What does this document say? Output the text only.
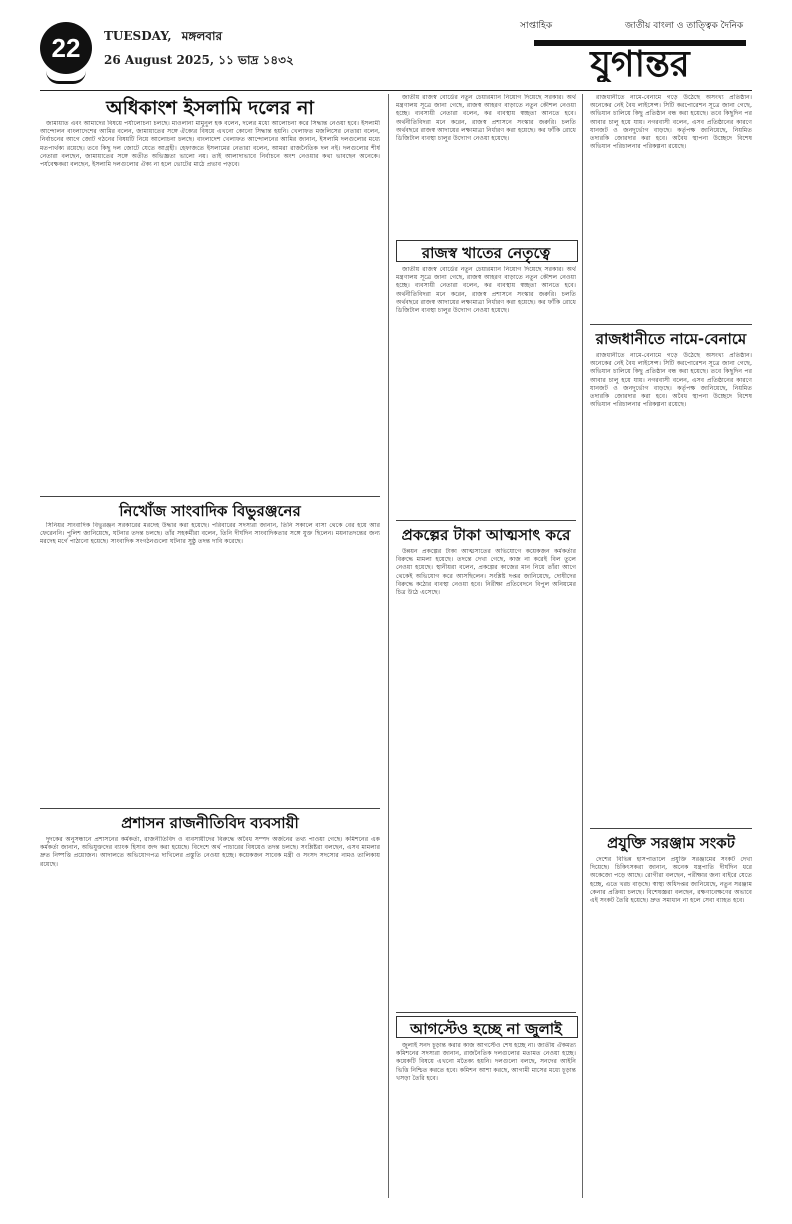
22	TUESDAY, মঙ্গলবার
26 August 2025, ১১ ভাদ্র ১৪৩২
সাপ্তাহিক	জাতীয় বাংলা ও তাত্ত্বিক দৈনিক
যুগান্তর
অধিকাংশ ইসলামি দলের না

জামায়াত এবং আমাদের বিষয়ে পর্যালোচনা চলছে। মাওলানা মামুনুল হক বলেন, দলের মধ্যে আলোচনা করে সিদ্ধান্ত নেওয়া হবে। ইসলামী আন্দোলন বাংলাদেশের আমির বলেন, জামায়াতের সঙ্গে ঐক্যের বিষয়ে এখনো কোনো সিদ্ধান্ত হয়নি। খেলাফত মজলিসের নেতারা বলেন, নির্বাচনের আগে জোট গঠনের বিষয়টি নিয়ে আলোচনা চলছে। বাংলাদেশ খেলাফত আন্দোলনের আমির জানান, ইসলামি দলগুলোর মধ্যে মতপার্থক্য রয়েছে। তবে কিছু দল জোটে যেতে আগ্রহী। হেফাজতে ইসলামের নেতারা বলেন, আমরা রাজনৈতিক দল নই। দলগুলোর শীর্ষ নেতারা বলছেন, জামায়াতের সঙ্গে অতীত অভিজ্ঞতা ভালো নয়। তাই আলাদাভাবে নির্বাচনে অংশ নেওয়ার কথা ভাবছেন অনেকে। পর্যবেক্ষকরা বলছেন, ইসলামি দলগুলোর ঐক্য না হলে ভোটের মাঠে প্রভাব পড়বে।

নিখোঁজ সাংবাদিক বিভুরঞ্জনের

সিনিয়র সাংবাদিক বিভুরঞ্জন সরকারের মরদেহ উদ্ধার করা হয়েছে। পরিবারের সদস্যরা জানান, তিনি সকালে বাসা থেকে বের হয়ে আর ফেরেননি। পুলিশ জানিয়েছে, ঘটনার তদন্ত চলছে। তাঁর সহকর্মীরা বলেন, তিনি দীর্ঘদিন সাংবাদিকতার সঙ্গে যুক্ত ছিলেন। ময়নাতদন্তের জন্য মরদেহ মর্গে পাঠানো হয়েছে। সাংবাদিক সংগঠনগুলো ঘটনার সুষ্ঠু তদন্ত দাবি করেছে।

প্রশাসন রাজনীতিবিদ ব্যবসায়ী

দুদকের অনুসন্ধানে প্রশাসনের কর্মকর্তা, রাজনীতিবিদ ও ব্যবসায়ীদের বিরুদ্ধে অবৈধ সম্পদ অর্জনের তথ্য পাওয়া গেছে। কমিশনের এক কর্মকর্তা জানান, অভিযুক্তদের ব্যাংক হিসাব জব্দ করা হয়েছে। বিদেশে অর্থ পাচারের বিষয়েও তদন্ত চলছে। সংশ্লিষ্টরা বলছেন, এসব মামলার দ্রুত নিষ্পত্তি প্রয়োজন। আদালতে অভিযোগপত্র দাখিলের প্রস্তুতি নেওয়া হচ্ছে। কয়েকজন সাবেক মন্ত্রী ও সংসদ সদস্যের নামও তালিকায় রয়েছে।

জাতীয় রাজস্ব বোর্ডের নতুন চেয়ারম্যান নিয়োগ দিয়েছে সরকার। অর্থ মন্ত্রণালয় সূত্রে জানা গেছে, রাজস্ব আহরণ বাড়াতে নতুন কৌশল নেওয়া হচ্ছে। ব্যবসায়ী নেতারা বলেন, কর ব্যবস্থায় স্বচ্ছতা আনতে হবে। অর্থনীতিবিদরা মনে করেন, রাজস্ব প্রশাসনে সংস্কার জরুরি। চলতি অর্থবছরে রাজস্ব আদায়ের লক্ষ্যমাত্রা নির্ধারণ করা হয়েছে। কর ফাঁকি রোধে ডিজিটাল ব্যবস্থা চালুর উদ্যোগ নেওয়া হয়েছে।

রাজস্ব খাতের নেতৃত্বে

জাতীয় রাজস্ব বোর্ডের নতুন চেয়ারম্যান নিয়োগ দিয়েছে সরকার। অর্থ মন্ত্রণালয় সূত্রে জানা গেছে, রাজস্ব আহরণ বাড়াতে নতুন কৌশল নেওয়া হচ্ছে। ব্যবসায়ী নেতারা বলেন, কর ব্যবস্থায় স্বচ্ছতা আনতে হবে। অর্থনীতিবিদরা মনে করেন, রাজস্ব প্রশাসনে সংস্কার জরুরি। চলতি অর্থবছরে রাজস্ব আদায়ের লক্ষ্যমাত্রা নির্ধারণ করা হয়েছে। কর ফাঁকি রোধে ডিজিটাল ব্যবস্থা চালুর উদ্যোগ নেওয়া হয়েছে।

প্রকল্পের টাকা আত্মসাৎ করে

উন্নয়ন প্রকল্পের টাকা আত্মসাতের অভিযোগে কয়েকজন কর্মকর্তার বিরুদ্ধে মামলা হয়েছে। তদন্তে দেখা গেছে, কাজ না করেই বিল তুলে নেওয়া হয়েছে। স্থানীয়রা বলেন, প্রকল্পের কাজের মান নিয়ে তাঁরা আগে থেকেই অভিযোগ করে আসছিলেন। সংশ্লিষ্ট দপ্তর জানিয়েছে, দোষীদের বিরুদ্ধে কঠোর ব্যবস্থা নেওয়া হবে। নিরীক্ষা প্রতিবেদনে বিপুল অনিয়মের চিত্র উঠে এসেছে।

আগস্টেও হচ্ছে না জুলাই

জুলাই সনদ চূড়ান্ত করার কাজ আগস্টেও শেষ হচ্ছে না। জাতীয় ঐকমত্য কমিশনের সদস্যরা জানান, রাজনৈতিক দলগুলোর মতামত নেওয়া হচ্ছে। কয়েকটি বিষয়ে এখনো মতৈক্য হয়নি। দলগুলো বলছে, সনদের আইনি ভিত্তি নিশ্চিত করতে হবে। কমিশন আশা করছে, আগামী মাসের মধ্যে চূড়ান্ত খসড়া তৈরি হবে।

রাজধানীতে নামে-বেনামে গড়ে উঠেছে অসংখ্য প্রতিষ্ঠান। অনেকের নেই বৈধ লাইসেন্স। সিটি করপোরেশন সূত্রে জানা গেছে, অভিযান চালিয়ে কিছু প্রতিষ্ঠান বন্ধ করা হয়েছে। তবে কিছুদিন পর আবার চালু হয়ে যায়। নগরবাসী বলেন, এসব প্রতিষ্ঠানের কারণে যানজট ও জনদুর্ভোগ বাড়ছে। কর্তৃপক্ষ জানিয়েছে, নিয়মিত তদারকি জোরদার করা হবে। অবৈধ স্থাপনা উচ্ছেদে বিশেষ অভিযান পরিচালনার পরিকল্পনা রয়েছে।

রাজধানীতে নামে-বেনামে

রাজধানীতে নামে-বেনামে গড়ে উঠেছে অসংখ্য প্রতিষ্ঠান। অনেকের নেই বৈধ লাইসেন্স। সিটি করপোরেশন সূত্রে জানা গেছে, অভিযান চালিয়ে কিছু প্রতিষ্ঠান বন্ধ করা হয়েছে। তবে কিছুদিন পর আবার চালু হয়ে যায়। নগরবাসী বলেন, এসব প্রতিষ্ঠানের কারণে যানজট ও জনদুর্ভোগ বাড়ছে। কর্তৃপক্ষ জানিয়েছে, নিয়মিত তদারকি জোরদার করা হবে। অবৈধ স্থাপনা উচ্ছেদে বিশেষ অভিযান পরিচালনার পরিকল্পনা রয়েছে।

প্রযুক্তি সরঞ্জাম সংকট

দেশের বিভিন্ন হাসপাতালে প্রযুক্তি সরঞ্জামের সংকট দেখা দিয়েছে। চিকিৎসকরা জানান, অনেক যন্ত্রপাতি দীর্ঘদিন ধরে অকেজো পড়ে আছে। রোগীরা বলছেন, পরীক্ষার জন্য বাইরে যেতে হচ্ছে, এতে খরচ বাড়ছে। স্বাস্থ্য অধিদপ্তর জানিয়েছে, নতুন সরঞ্জাম কেনার প্রক্রিয়া চলছে। বিশেষজ্ঞরা বলছেন, রক্ষণাবেক্ষণের অভাবে এই সংকট তৈরি হয়েছে। দ্রুত সমাধান না হলে সেবা ব্যাহত হবে।
